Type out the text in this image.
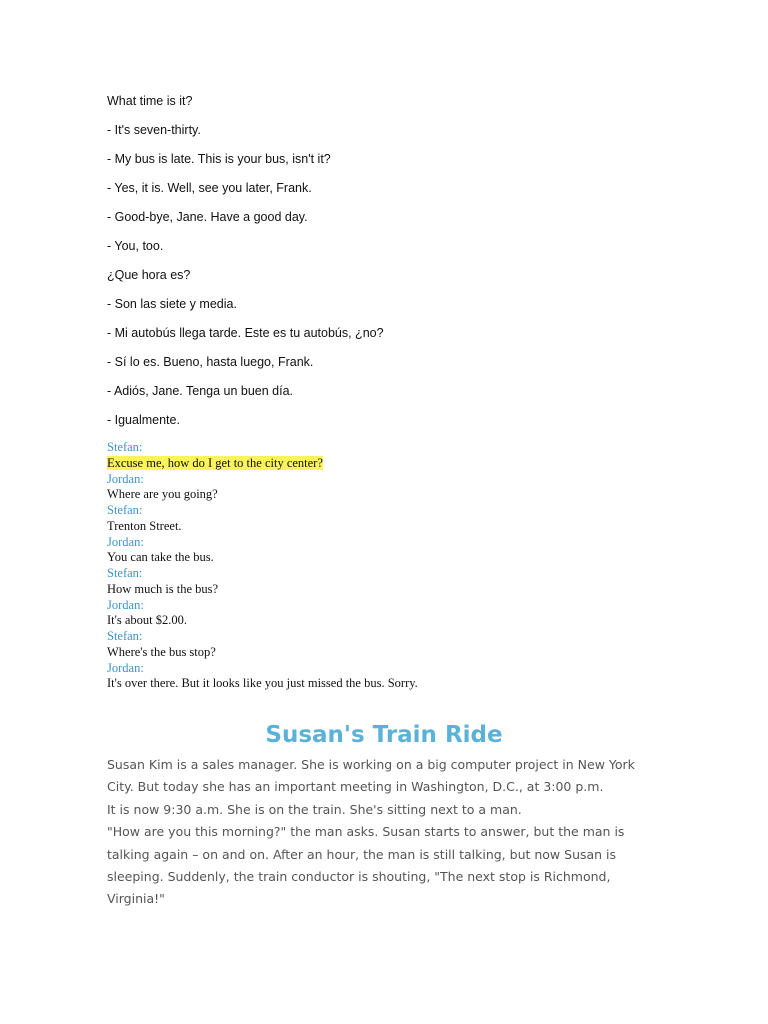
What time is it?

- It's seven-thirty.

- My bus is late. This is your bus, isn't it?

- Yes, it is. Well, see you later, Frank.

- Good-bye, Jane. Have a good day.

- You, too.

¿Que hora es?

- Son las siete y media.

- Mi autobús llega tarde. Este es tu autobús, ¿no?

- Sí lo es. Bueno, hasta luego, Frank.

- Adiós, Jane. Tenga un buen día.

- Igualmente.

Stefan:
Excuse me, how do I get to the city center?
Jordan:
Where are you going?
Stefan:
Trenton Street.
Jordan:
You can take the bus.
Stefan:
How much is the bus?
Jordan:
It's about $2.00.
Stefan:
Where's the bus stop?
Jordan:
It's over there. But it looks like you just missed the bus. Sorry.
Susan's Train Ride
Susan Kim is a sales manager. She is working on a big computer project in New York
City. But today she has an important meeting in Washington, D.C., at 3:00 p.m.
It is now 9:30 a.m. She is on the train. She's sitting next to a man.
"How are you this morning?" the man asks. Susan starts to answer, but the man is
talking again – on and on. After an hour, the man is still talking, but now Susan is
sleeping. Suddenly, the train conductor is shouting, "The next stop is Richmond,
Virginia!"
